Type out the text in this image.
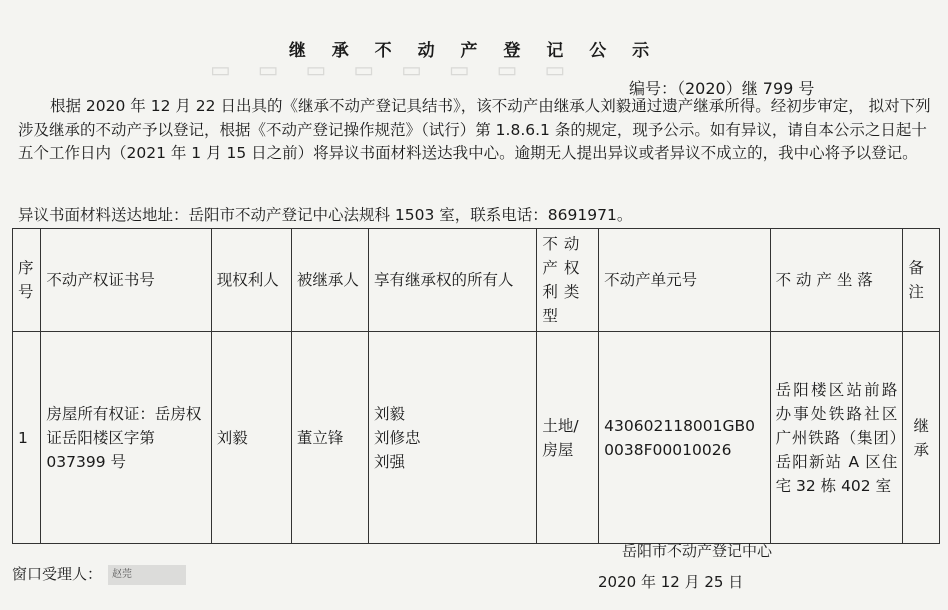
▭ ▭ ▭ ▭ ▭ ▭ ▭ ▭
继 承 不 动 产 登 记 公 示
编号：（2020）继 799 号

根据 2020 年 12 月 22 日出具的《继承不动产登记具结书》，该不动产由继承人刘毅通过遗产继承所得。经初步审定， 拟对下列涉及继承的不动产予以登记，根据《不动产登记操作规范》（试行）第 1.8.6.1 条的规定，现予公示。如有异议，请自本公示之日起十五个工作日内（2021 年 1 月 15 日之前）将异议书面材料送达我中心。逾期无人提出异议或者异议不成立的，我中心将予以登记。

异议书面材料送达地址：岳阳市不动产登记中心法规科 1503 室，联系电话：8691971。
序号	不动产权证书号	现权利人	被继承人	享有继承权的所有人	不动产权利类型	不动产单元号	不 动 产 坐 落	备注
1	房屋所有权证：岳房权证岳阳楼区字第 037399 号	刘毅	董立锋	刘毅
刘修忠
刘强	土地/房屋	430602118001GB00038F00010026	岳阳楼区站前路办事处铁路社区广州铁路（集团）岳阳新站 A 区住宅 32 栋 402 室	继承
岳阳市不动产登记中心
窗口受理人： 赵莞	2020 年 12 月 25 日
